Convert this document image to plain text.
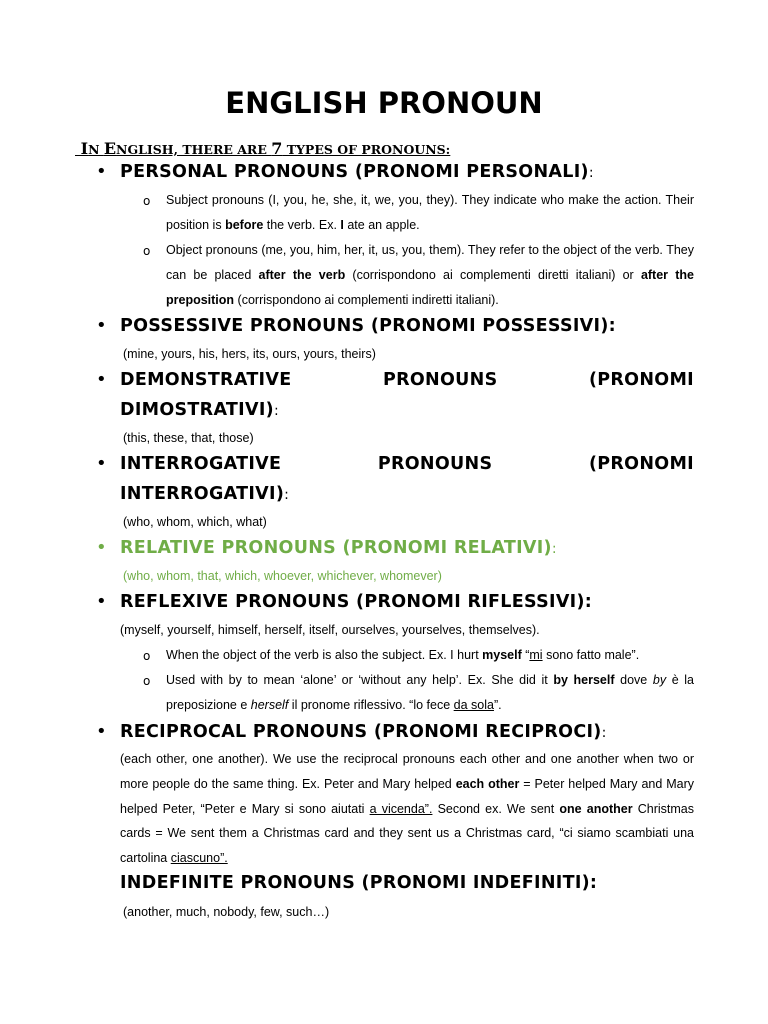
ENGLISH PRONOUN
IN ENGLISH, THERE ARE 7 TYPES OF PRONOUNS:
• PERSONAL PRONOUNS (PRONOMI PERSONALI):
o Subject pronouns (I, you, he, she, it, we, you, they). They indicate who make the action. Their position is before the verb. Ex. I ate an apple.
o Object pronouns (me, you, him, her, it, us, you, them). They refer to the object of the verb. They can be placed after the verb (corrispondono ai complementi diretti italiani) or after the preposition (corrispondono ai complementi indiretti italiani).
• POSSESSIVE PRONOUNS (PRONOMI POSSESSIVI):
(mine, yours, his, hers, its, ours, yours, theirs)
• DEMONSTRATIVE	PRONOUNS	(PRONOMI
DIMOSTRATIVI):
(this, these, that, those)
• INTERROGATIVE	PRONOUNS	(PRONOMI
INTERROGATIVI):
(who, whom, which, what)
• RELATIVE PRONOUNS (PRONOMI RELATIVI):
(who, whom, that, which, whoever, whichever, whomever)
• REFLEXIVE PRONOUNS (PRONOMI RIFLESSIVI):
(myself, yourself, himself, herself, itself, ourselves, yourselves, themselves).
o When the object of the verb is also the subject. Ex. I hurt myself “mi sono fatto male”.
o Used with by to mean ‘alone’ or ‘without any help’. Ex. She did it by herself dove by è la preposizione e herself il pronome riflessivo. “lo fece da sola”.
• RECIPROCAL PRONOUNS (PRONOMI RECIPROCI):
(each other, one another). We use the reciprocal pronouns each other and one another when two or more people do the same thing. Ex. Peter and Mary helped each other = Peter helped Mary and Mary helped Peter, “Peter e Mary si sono aiutati a vicenda”. Second ex. We sent one another Christmas cards = We sent them a Christmas card and they sent us a Christmas card, “ci siamo scambiati una cartolina ciascuno”.
INDEFINITE PRONOUNS (PRONOMI INDEFINITI):
(another, much, nobody, few, such…)
